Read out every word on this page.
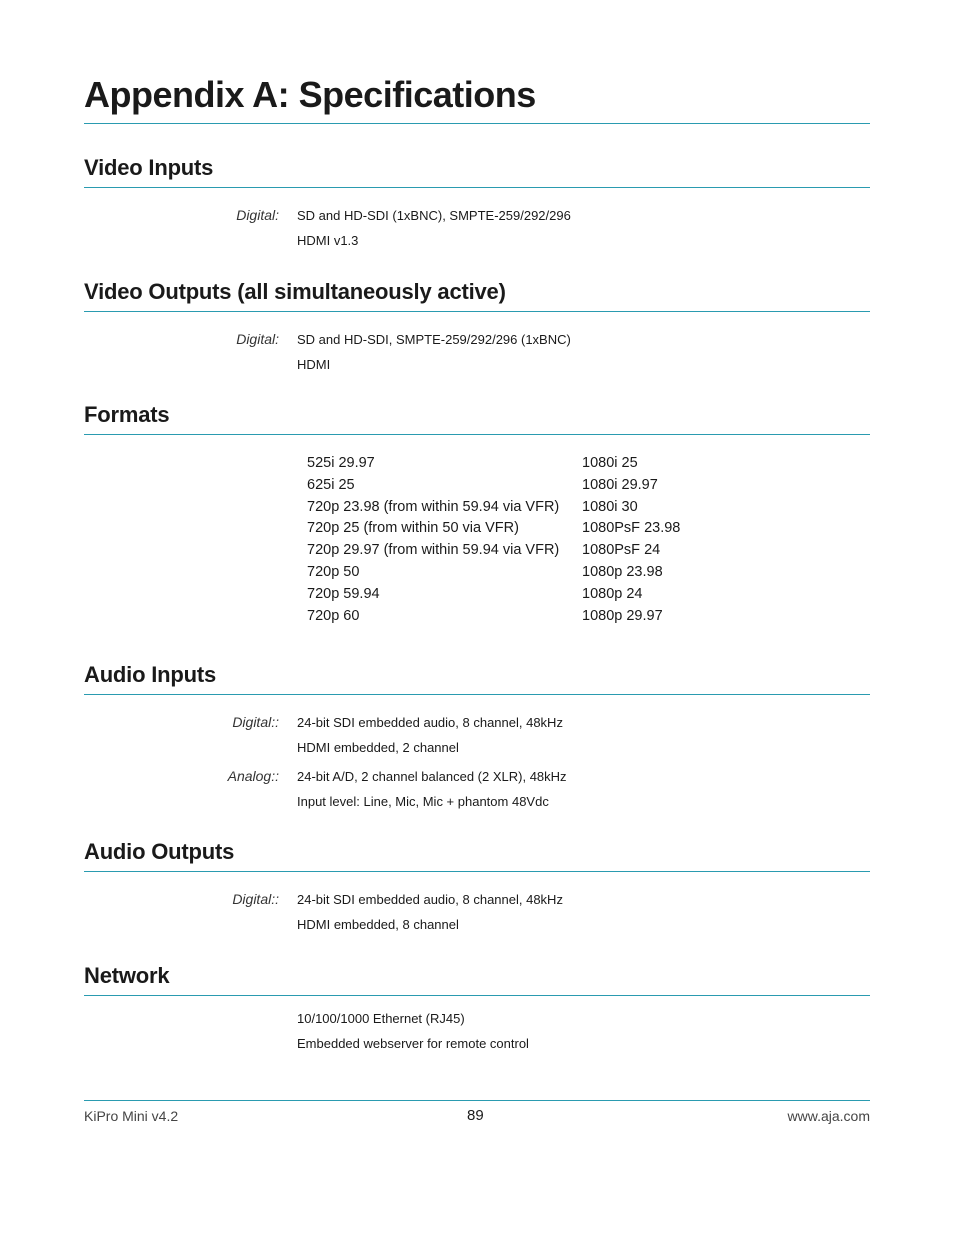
Appendix A: Specifications
Video Inputs
Digital: SD and HD-SDI (1xBNC), SMPTE-259/292/296
HDMI v1.3
Video Outputs (all simultaneously active)
Digital: SD and HD-SDI, SMPTE-259/292/296 (1xBNC)
HDMI
Formats
525i 29.97
625i 25
720p 23.98 (from within 59.94 via VFR)
720p 25 (from within 50 via VFR)
720p 29.97 (from within 59.94 via VFR)
720p 50
720p 59.94
720p 60
1080i 25
1080i 29.97
1080i 30
1080PsF 23.98
1080PsF 24
1080p 23.98
1080p 24
1080p 29.97
Audio Inputs
Digital:: 24-bit SDI embedded audio, 8 channel, 48kHz
HDMI embedded, 2 channel
Analog:: 24-bit A/D, 2 channel balanced (2 XLR), 48kHz
Input level: Line, Mic, Mic + phantom 48Vdc
Audio Outputs
Digital:: 24-bit SDI embedded audio, 8 channel, 48kHz
HDMI embedded, 8 channel
Network
10/100/1000 Ethernet (RJ45)
Embedded webserver for remote control
KiPro Mini v4.2	89	www.aja.com
